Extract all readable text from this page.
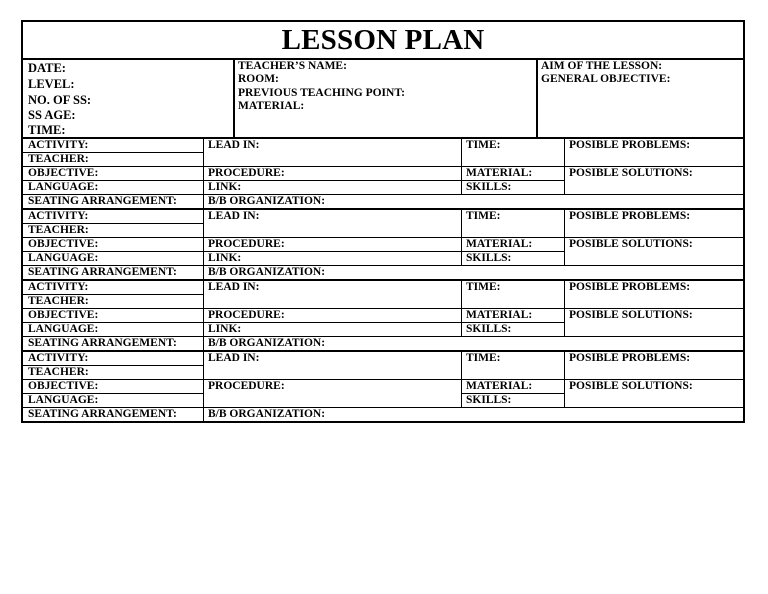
LESSON PLAN
DATE:
LEVEL:
NO. OF SS:
SS AGE:
TIME:
TEACHER’S NAME:
ROOM:
PREVIOUS TEACHING POINT:
MATERIAL:
AIM OF THE LESSON:
GENERAL OBJECTIVE:
ACTIVITY:
TEACHER:
OBJECTIVE:
LANGUAGE:
SEATING ARRANGEMENT:
LEAD IN:
PROCEDURE:
LINK:
B/B ORGANIZATION:
TIME:
MATERIAL:
SKILLS:
POSIBLE PROBLEMS:
POSIBLE SOLUTIONS:
ACTIVITY:
TEACHER:
OBJECTIVE:
LANGUAGE:
SEATING ARRANGEMENT:
LEAD IN:
PROCEDURE:
LINK:
B/B ORGANIZATION:
TIME:
MATERIAL:
SKILLS:
POSIBLE PROBLEMS:
POSIBLE SOLUTIONS:
ACTIVITY:
TEACHER:
OBJECTIVE:
LANGUAGE:
SEATING ARRANGEMENT:
LEAD IN:
PROCEDURE:
LINK:
B/B ORGANIZATION:
TIME:
MATERIAL:
SKILLS:
POSIBLE PROBLEMS:
POSIBLE SOLUTIONS:
ACTIVITY:
TEACHER:
OBJECTIVE:
LANGUAGE:
SEATING ARRANGEMENT:
LEAD IN:
PROCEDURE:
B/B ORGANIZATION:
TIME:
MATERIAL:
SKILLS:
POSIBLE PROBLEMS:
POSIBLE SOLUTIONS:
